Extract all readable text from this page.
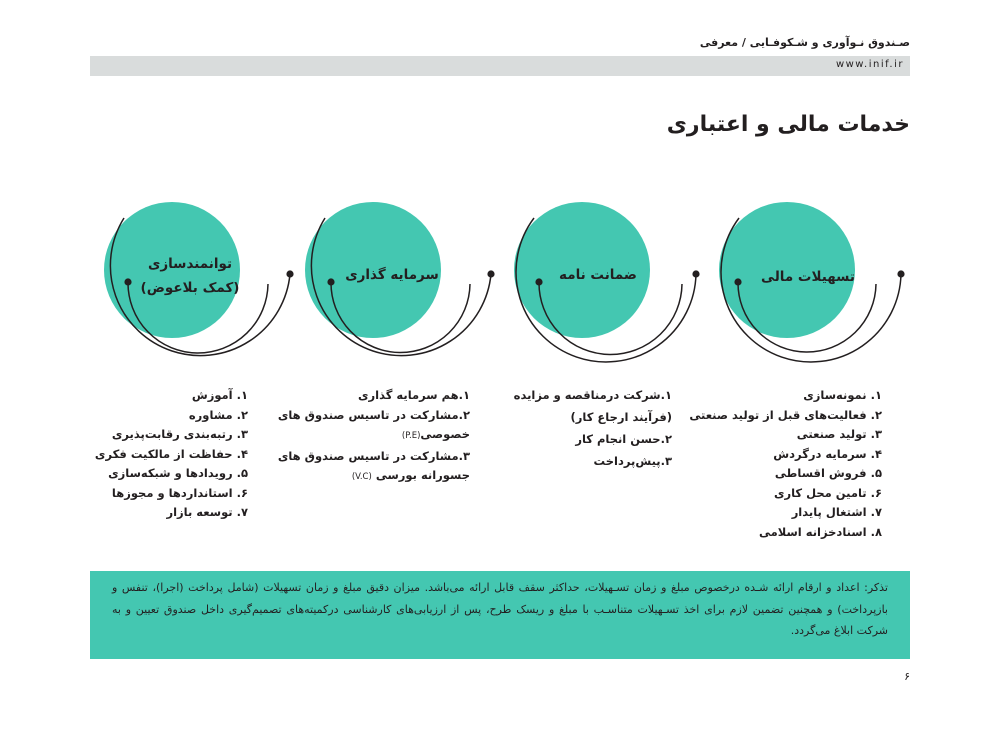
صـندوق نـوآوری و شـکوفـایی / معرفی
www.inif.ir
خدمات مالی و اعتباری
تسهیلات مالی
ضمانت نامه
سرمایه گذاری
توانمندسازی
(کمک بلاعوض)
۱. نمونه‌سازی
۲. فعالیت‌های قبل از تولید صنعتی
۳. تولید صنعتی
۴. سرمایه درگردش
۵. فروش اقساطی
۶. تامین محل کاری
۷. اشتغال پایدار
۸. اسنادخزانه اسلامی
۱.شرکت درمناقصه و مزایده
(فرآیند ارجاع کار)
۲.حسن انجام کار
۳.پیش‌پرداخت
۱.هم سرمایه گذاری
۲.مشارکت در تاسیس صندوق های
خصوصی(P.E)
۳.مشارکت در تاسیس صندوق های
جسورانه بورسی (V.C)
۱. آموزش
۲. مشاوره
۳. رتبه‌بندی رقابت‌پذیری
۴. حفاظت از مالکیت فکری
۵. رویدادها و شبکه‌سازی
۶. استانداردها و مجوزها
۷. توسعه بازار

تذکر: اعداد و ارقام ارائه شـده درخصوص مبلغ و زمان تسـهیلات، حداکثر سقف قابل ارائه می‌باشد. میزان دقیق مبلغ و زمان تسهیلات (شامل پرداخت (اجرا)، تنفس و بازپرداخت) و همچنین تضمین لازم برای اخذ تسـهیلات متناسـب با مبلغ و ریسک طرح، پس از ارزیابی‌های کارشناسی درکمیته‌های تصمیم‌گیری داخل صندوق تعیین و به شرکت ابلاغ می‌گردد.

۶
